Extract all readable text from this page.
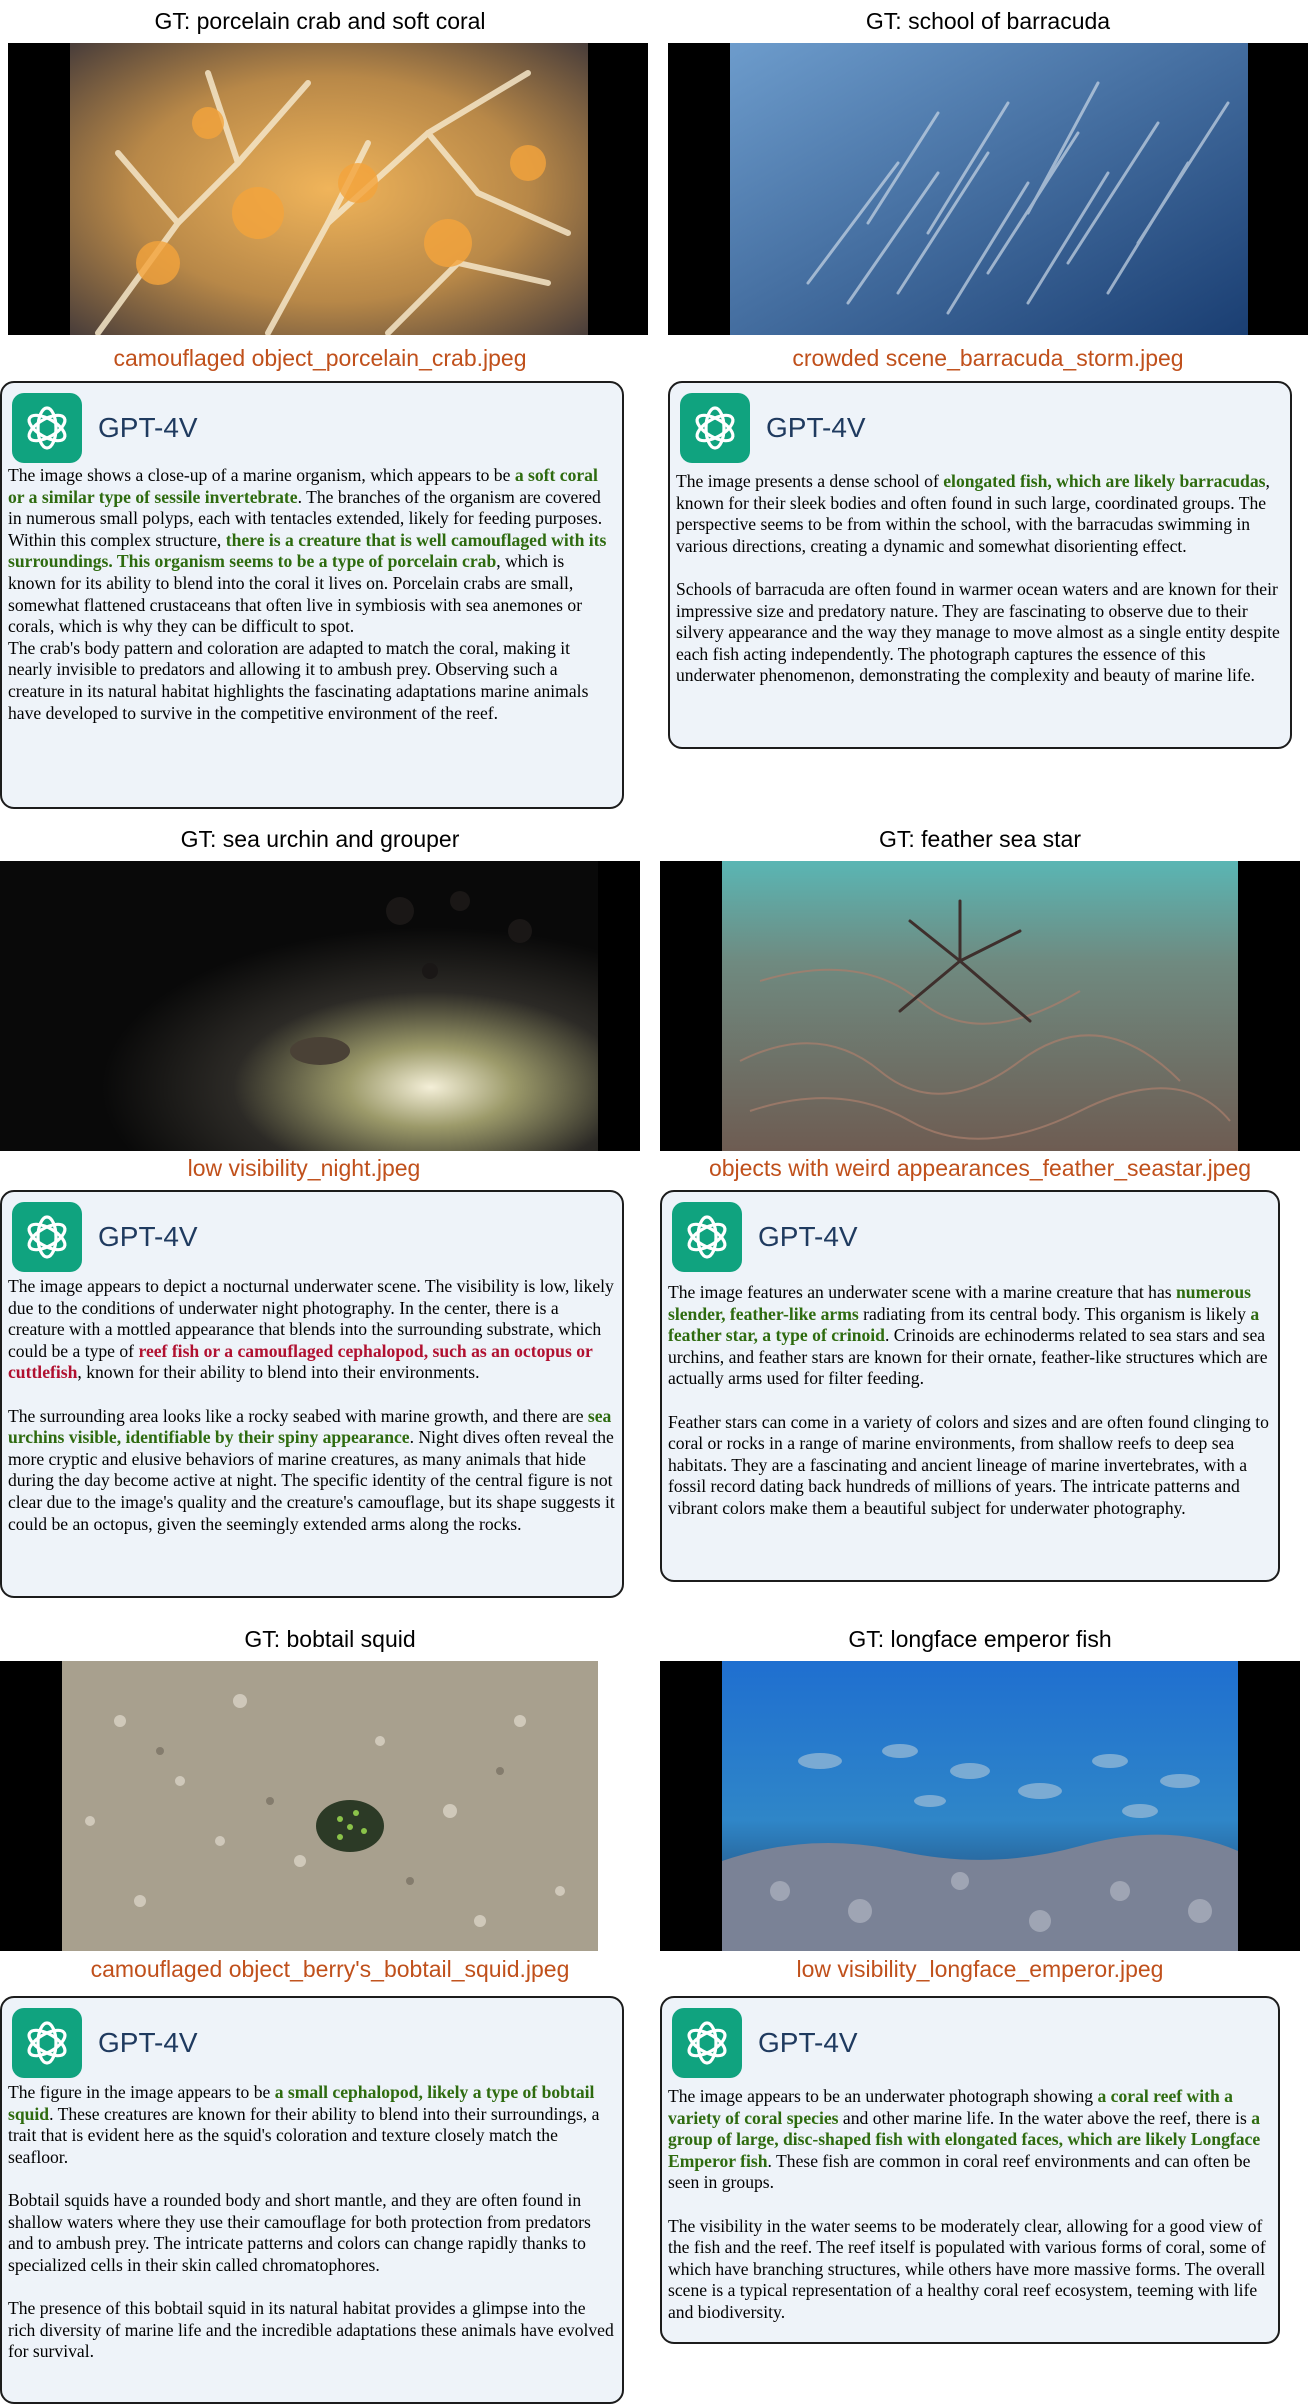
GT: porcelain crab and soft coral
camouflaged object_porcelain_crab.jpeg
GPT-4V

The image shows a close-up of a marine organism, which appears to be a soft coral or a similar type of sessile invertebrate. The branches of the organism are covered in numerous small polyps, each with tentacles extended, likely for feeding purposes.

Within this complex structure, there is a creature that is well camouflaged with its surroundings. This organism seems to be a type of porcelain crab, which is known for its ability to blend into the coral it lives on. Porcelain crabs are small, somewhat flattened crustaceans that often live in symbiosis with sea anemones or corals, which is why they can be difficult to spot.

The crab's body pattern and coloration are adapted to match the coral, making it nearly invisible to predators and allowing it to ambush prey. Observing such a creature in its natural habitat highlights the fascinating adaptations marine animals have developed to survive in the competitive environment of the reef.

GT: school of barracuda
crowded scene_barracuda_storm.jpeg
GPT-4V

The image presents a dense school of elongated fish, which are likely barracudas, known for their sleek bodies and often found in such large, coordinated groups. The perspective seems to be from within the school, with the barracudas swimming in various directions, creating a dynamic and somewhat disorienting effect.

Schools of barracuda are often found in warmer ocean waters and are known for their impressive size and predatory nature. They are fascinating to observe due to their silvery appearance and the way they manage to move almost as a single entity despite each fish acting independently. The photograph captures the essence of this underwater phenomenon, demonstrating the complexity and beauty of marine life.

GT: sea urchin and grouper
low visibility_night.jpeg
GPT-4V

The image appears to depict a nocturnal underwater scene. The visibility is low, likely due to the conditions of underwater night photography. In the center, there is a creature with a mottled appearance that blends into the surrounding substrate, which could be a type of reef fish or a camouflaged cephalopod, such as an octopus or cuttlefish, known for their ability to blend into their environments.

The surrounding area looks like a rocky seabed with marine growth, and there are sea urchins visible, identifiable by their spiny appearance. Night dives often reveal the more cryptic and elusive behaviors of marine creatures, as many animals that hide during the day become active at night. The specific identity of the central figure is not clear due to the image's quality and the creature's camouflage, but its shape suggests it could be an octopus, given the seemingly extended arms along the rocks.

GT: feather sea star
objects with weird appearances_feather_seastar.jpeg
GPT-4V

The image features an underwater scene with a marine creature that has numerous slender, feather-like arms radiating from its central body. This organism is likely a feather star, a type of crinoid. Crinoids are echinoderms related to sea stars and sea urchins, and feather stars are known for their ornate, feather-like structures which are actually arms used for filter feeding.

Feather stars can come in a variety of colors and sizes and are often found clinging to coral or rocks in a range of marine environments, from shallow reefs to deep sea habitats. They are a fascinating and ancient lineage of marine invertebrates, with a fossil record dating back hundreds of millions of years. The intricate patterns and vibrant colors make them a beautiful subject for underwater photography.

GT: bobtail squid
camouflaged object_berry's_bobtail_squid.jpeg
GPT-4V

The figure in the image appears to be a small cephalopod, likely a type of bobtail squid. These creatures are known for their ability to blend into their surroundings, a trait that is evident here as the squid's coloration and texture closely match the seafloor.

Bobtail squids have a rounded body and short mantle, and they are often found in shallow waters where they use their camouflage for both protection from predators and to ambush prey. The intricate patterns and colors can change rapidly thanks to specialized cells in their skin called chromatophores.

The presence of this bobtail squid in its natural habitat provides a glimpse into the rich diversity of marine life and the incredible adaptations these animals have evolved for survival.

GT: longface emperor fish
low visibility_longface_emperor.jpeg
GPT-4V

The image appears to be an underwater photograph showing a coral reef with a variety of coral species and other marine life. In the water above the reef, there is a group of large, disc-shaped fish with elongated faces, which are likely Longface Emperor fish. These fish are common in coral reef environments and can often be seen in groups.

The visibility in the water seems to be moderately clear, allowing for a good view of the fish and the reef. The reef itself is populated with various forms of coral, some of which have branching structures, while others have more massive forms. The overall scene is a typical representation of a healthy coral reef ecosystem, teeming with life and biodiversity.
